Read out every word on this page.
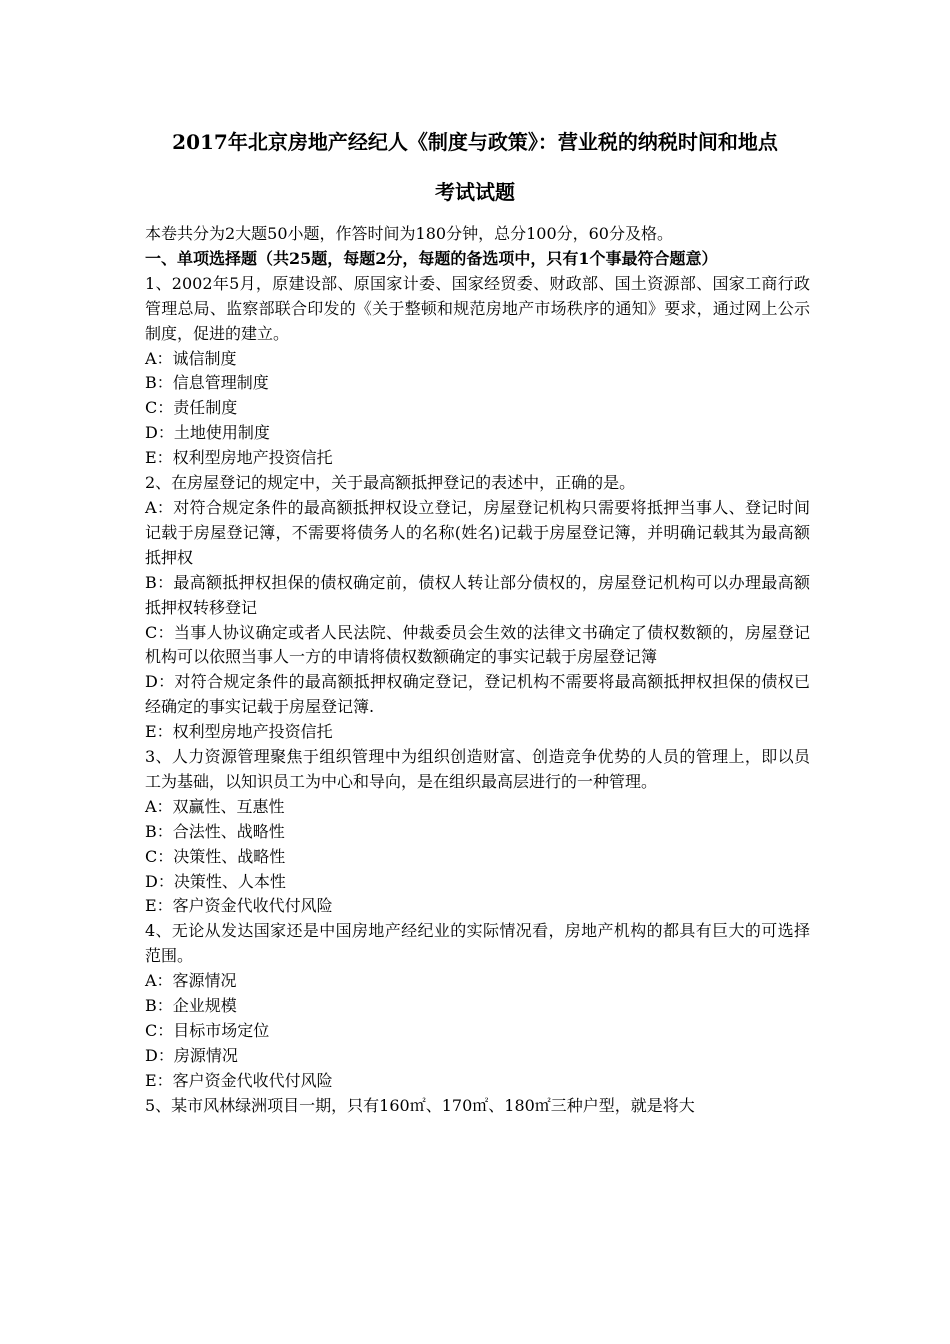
2017年北京房地产经纪人《制度与政策》：营业税的纳税时间和地点
考试试题

本卷共分为2大题50小题，作答时间为180分钟，总分100分，60分及格。

一、单项选择题（共25题，每题2分，每题的备选项中，只有1个事最符合题意）

1、2002年5月，原建设部、原国家计委、国家经贸委、财政部、国土资源部、国家工商行政管理总局、监察部联合印发的《关于整顿和规范房地产市场秩序的通知》要求，通过网上公示制度，促进的建立。

A：诚信制度

B：信息管理制度

C：责任制度

D：土地使用制度

E：权利型房地产投资信托

2、在房屋登记的规定中，关于最高额抵押登记的表述中，正确的是。

A：对符合规定条件的最高额抵押权设立登记，房屋登记机构只需要将抵押当事人、登记时间记载于房屋登记簿，不需要将债务人的名称(姓名)记载于房屋登记簿，并明确记载其为最高额抵押权

B：最高额抵押权担保的债权确定前，债权人转让部分债权的，房屋登记机构可以办理最高额抵押权转移登记

C：当事人协议确定或者人民法院、仲裁委员会生效的法律文书确定了债权数额的，房屋登记机构可以依照当事人一方的申请将债权数额确定的事实记载于房屋登记簿

D：对符合规定条件的最高额抵押权确定登记，登记机构不需要将最高额抵押权担保的债权已经确定的事实记载于房屋登记簿.

E：权利型房地产投资信托

3、人力资源管理聚焦于组织管理中为组织创造财富、创造竞争优势的人员的管理上，即以员工为基础，以知识员工为中心和导向，是在组织最高层进行的一种管理。

A：双赢性、互惠性

B：合法性、战略性

C：决策性、战略性

D：决策性、人本性

E：客户资金代收代付风险

4、无论从发达国家还是中国房地产经纪业的实际情况看，房地产机构的都具有巨大的可选择范围。

A：客源情况

B：企业规模

C：目标市场定位

D：房源情况

E：客户资金代收代付风险

5、某市风林绿洲项目一期，只有160㎡、170㎡、180㎡三种户型，就是将大
